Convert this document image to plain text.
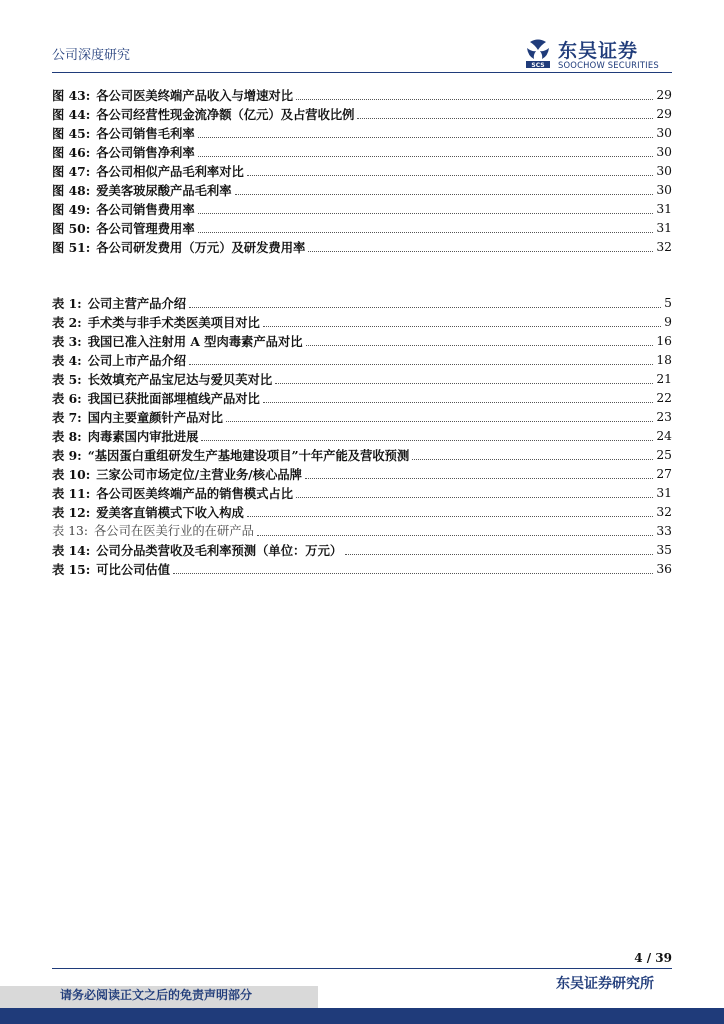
公司深度研究
SCS
东吴证券
SOOCHOW SECURITIES
图 43: 各公司医美终端产品收入与增速对比	29
图 44: 各公司经营性现金流净额（亿元）及占营收比例	29
图 45: 各公司销售毛利率	30
图 46: 各公司销售净利率	30
图 47: 各公司相似产品毛利率对比	30
图 48: 爱美客玻尿酸产品毛利率	30
图 49: 各公司销售费用率	31
图 50: 各公司管理费用率	31
图 51: 各公司研发费用（万元）及研发费用率	32
表 1: 公司主营产品介绍	5
表 2: 手术类与非手术类医美项目对比	9
表 3: 我国已准入注射用 A 型肉毒素产品对比	16
表 4: 公司上市产品介绍	18
表 5: 长效填充产品宝尼达与爱贝芙对比	21
表 6: 我国已获批面部埋植线产品对比	22
表 7: 国内主要童颜针产品对比	23
表 8: 肉毒素国内审批进展	24
表 9: “基因蛋白重组研发生产基地建设项目”十年产能及营收预测	25
表 10: 三家公司市场定位/主营业务/核心品牌	27
表 11: 各公司医美终端产品的销售模式占比	31
表 12: 爱美客直销模式下收入构成	32
表 13: 各公司在医美行业的在研产品	33
表 14: 公司分品类营收及毛利率预测（单位：万元）	35
表 15: 可比公司估值	36
4 / 39
东吴证券研究所
请务必阅读正文之后的免责声明部分
